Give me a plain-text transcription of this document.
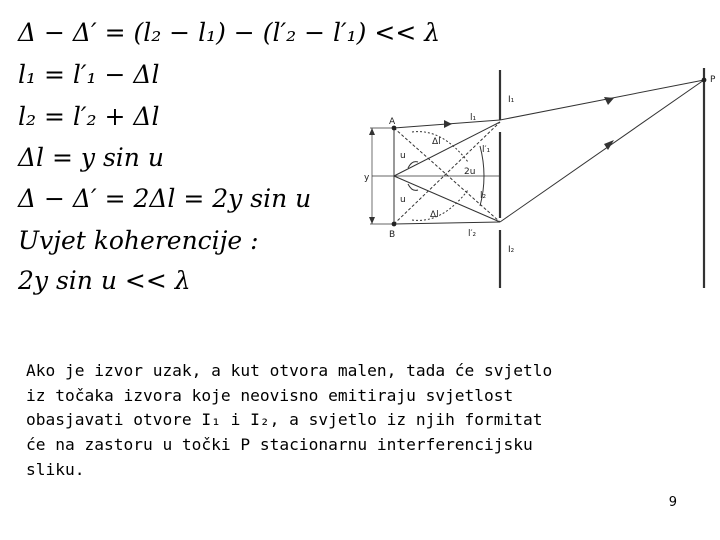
Δ − Δ′ = (l₂ − l₁) − (l′₂ − l′₁) << λ
l₁ = l′₁ − Δl
l₂ = l′₂ + Δl
Δl = y sin u
Δ − Δ′ = 2Δl = 2y sin u
Uvjet koherencije :
2y sin u << λ
A
B
P
y
I₁
I₂
l₁
l′₁
l₂
l′₂
Δl
Δl
u
u
2u
Ako je izvor uzak, a kut otvora malen, tada će svjetlo
iz točaka izvora koje neovisno emitiraju svjetlost
obasjavati otvore I₁ i I₂, a svjetlo iz njih formitat
će na zastoru u točki P stacionarnu interferencijsku
sliku.
9
